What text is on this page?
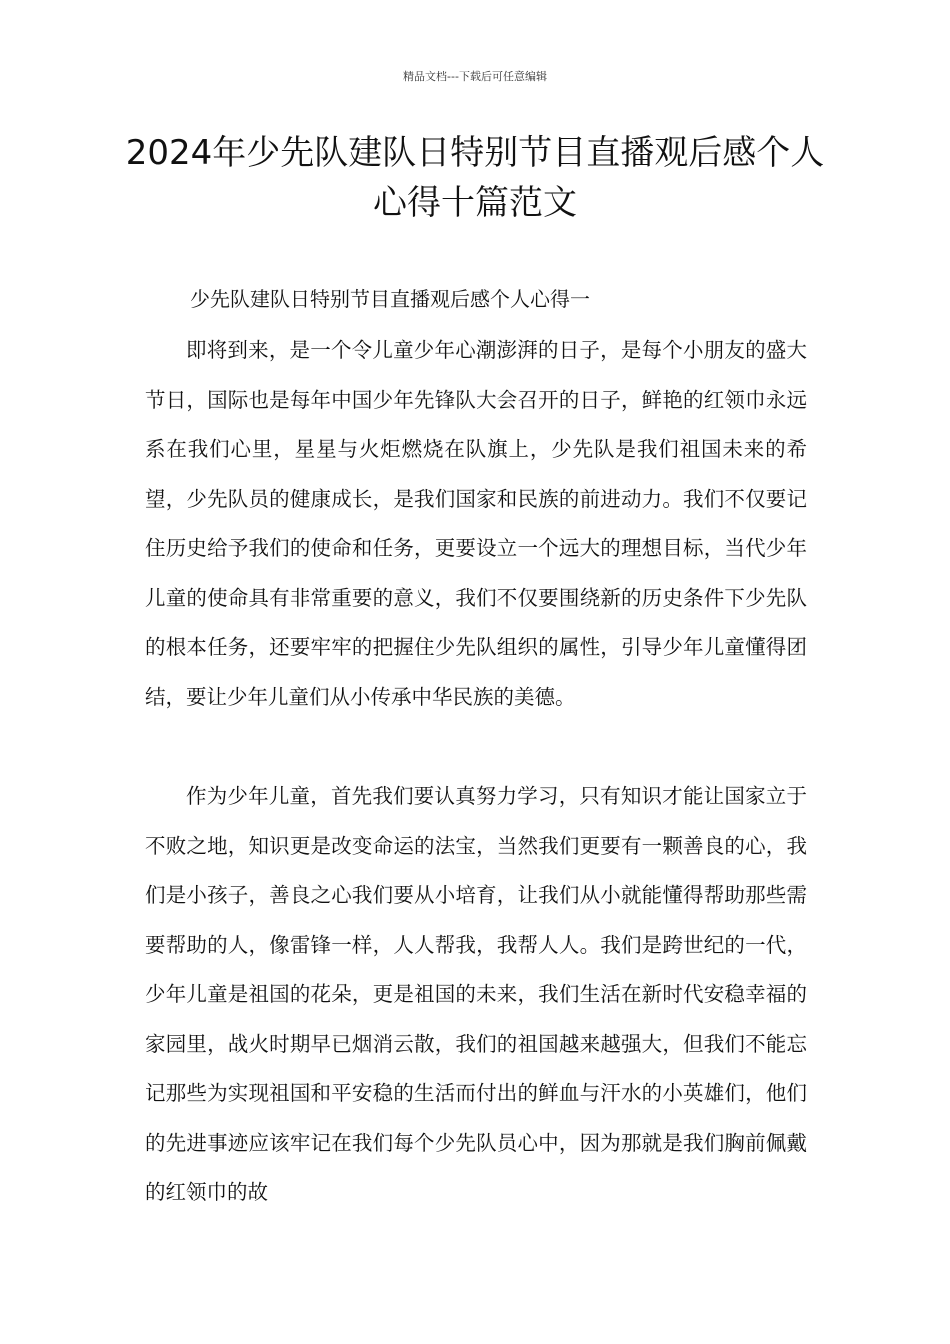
精品文档---下载后可任意编辑
2024年少先队建队日特别节目直播观后感个人心得十篇范文

少先队建队日特别节目直播观后感个人心得一

即将到来，是一个令儿童少年心潮澎湃的日子，是每个小朋友的盛大节日，国际也是每年中国少年先锋队大会召开的日子，鲜艳的红领巾永远系在我们心里，星星与火炬燃烧在队旗上，少先队是我们祖国未来的希望，少先队员的健康成长，是我们国家和民族的前进动力。我们不仅要记住历史给予我们的使命和任务，更要设立一个远大的理想目标，当代少年儿童的使命具有非常重要的意义，我们不仅要围绕新的历史条件下少先队的根本任务，还要牢牢的把握住少先队组织的属性，引导少年儿童懂得团结，要让少年儿童们从小传承中华民族的美德。

作为少年儿童，首先我们要认真努力学习，只有知识才能让国家立于不败之地，知识更是改变命运的法宝，当然我们更要有一颗善良的心，我们是小孩子，善良之心我们要从小培育，让我们从小就能懂得帮助那些需要帮助的人，像雷锋一样，人人帮我，我帮人人。我们是跨世纪的一代，少年儿童是祖国的花朵，更是祖国的未来，我们生活在新时代安稳幸福的家园里，战火时期早已烟消云散，我们的祖国越来越强大，但我们不能忘记那些为实现祖国和平安稳的生活而付出的鲜血与汗水的小英雄们，他们的先进事迹应该牢记在我们每个少先队员心中，因为那就是我们胸前佩戴的红领巾的故
